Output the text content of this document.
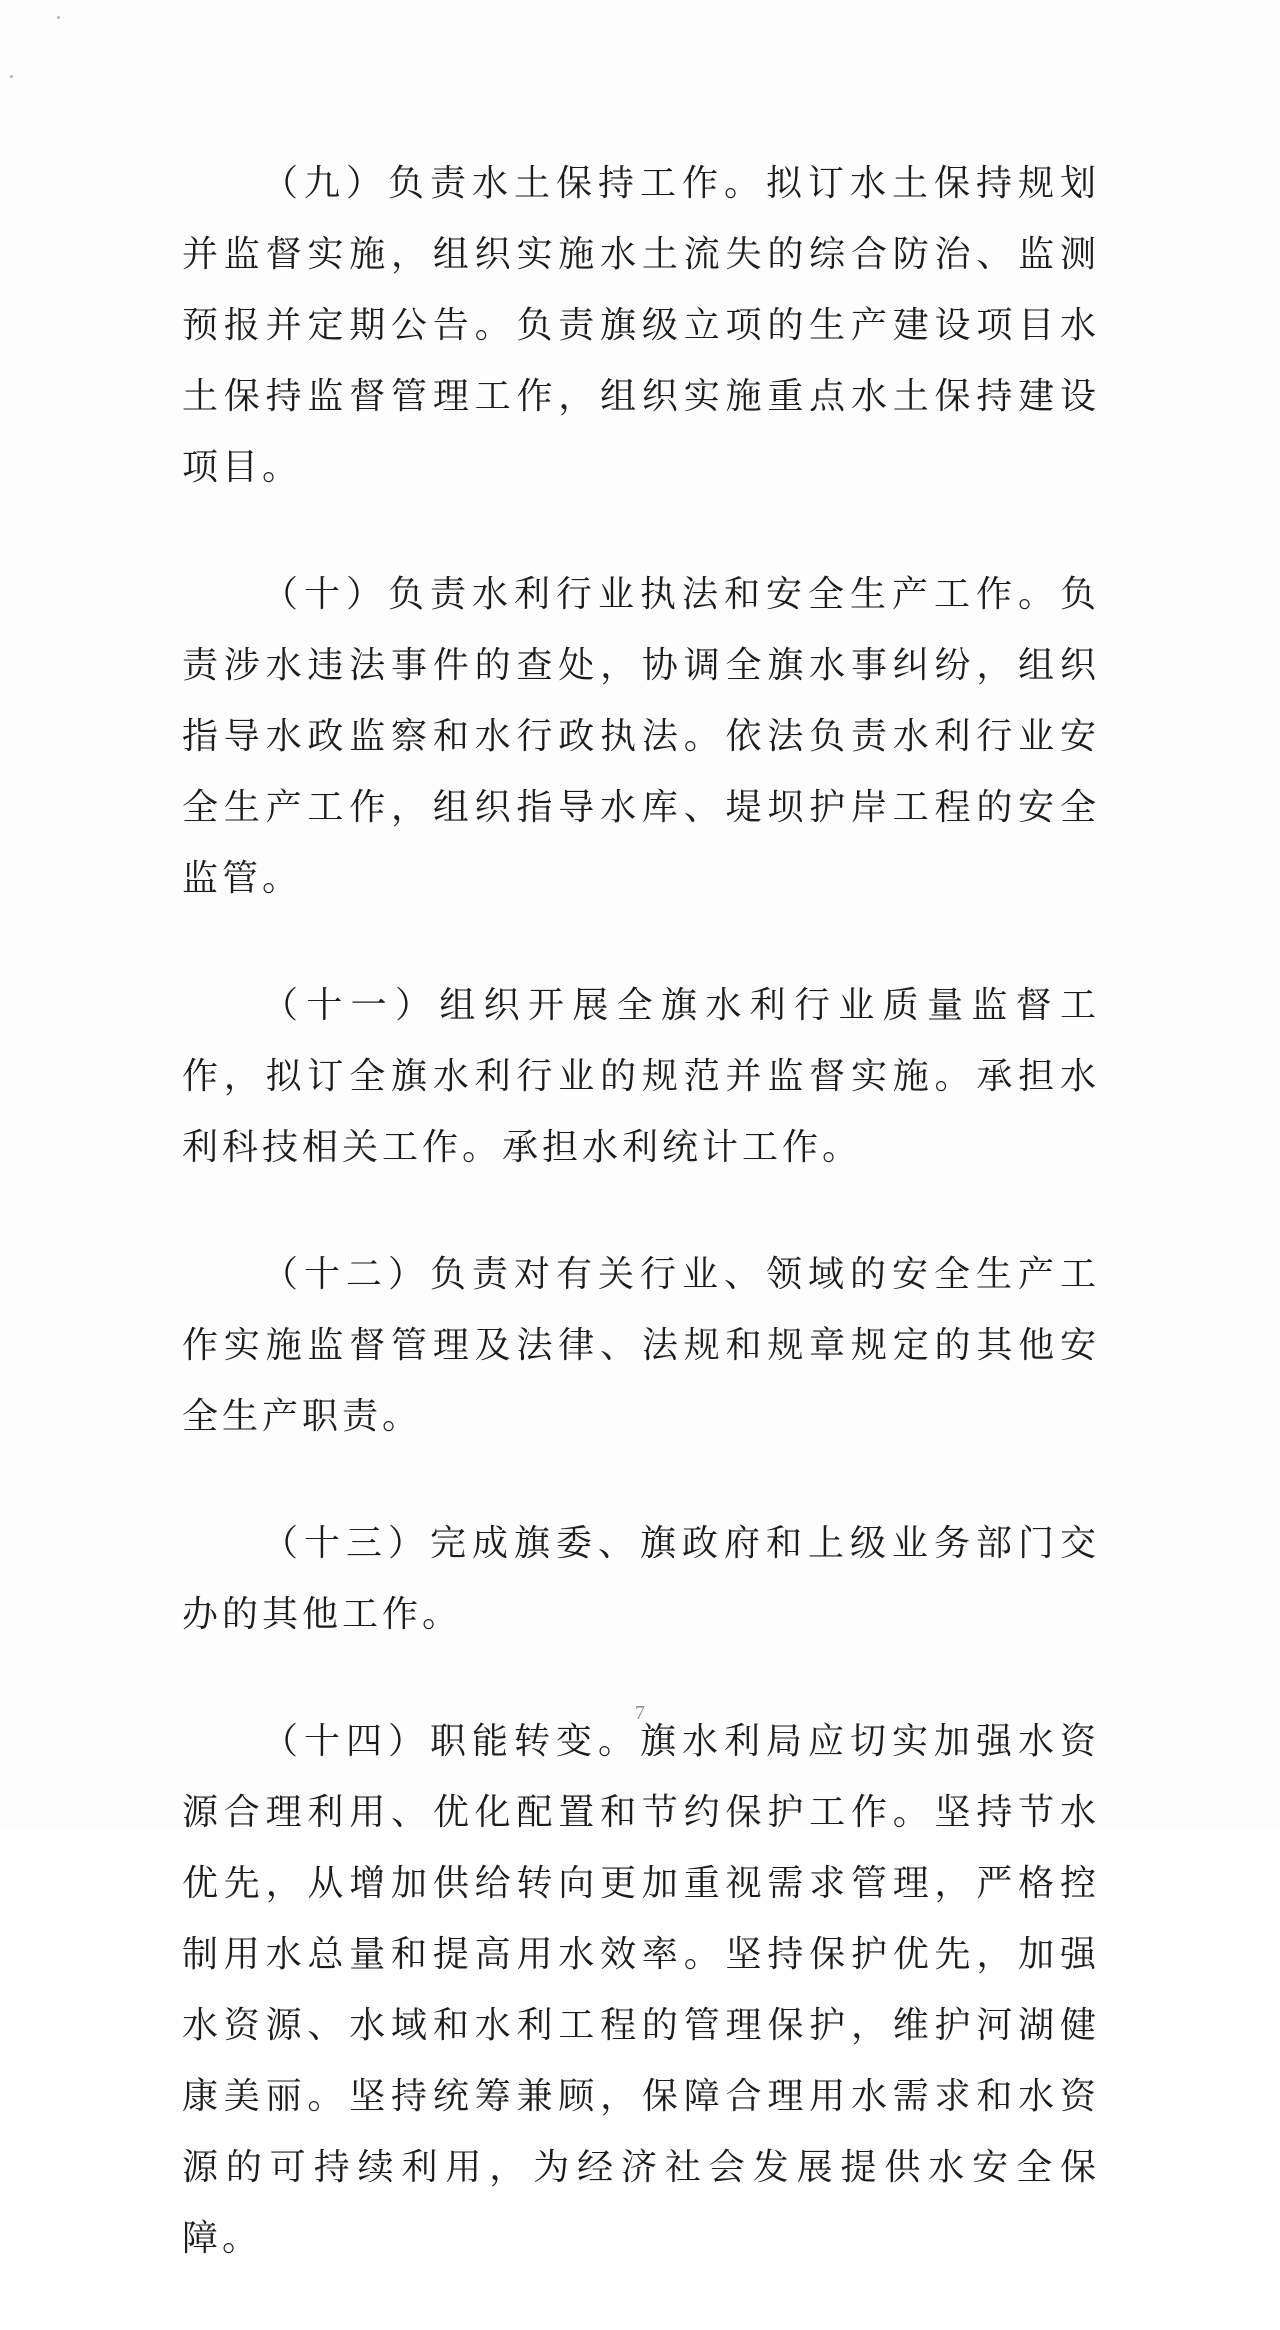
（九）负责水土保持工作。拟订水土保持规划并监督实施，组织实施水土流失的综合防治、监测预报并定期公告。负责旗级立项的生产建设项目水土保持监督管理工作，组织实施重点水土保持建设项目。

（十）负责水利行业执法和安全生产工作。负责涉水违法事件的查处，协调全旗水事纠纷，组织指导水政监察和水行政执法。依法负责水利行业安全生产工作，组织指导水库、堤坝护岸工程的安全监管。

（十一）组织开展全旗水利行业质量监督工作，拟订全旗水利行业的规范并监督实施。承担水利科技相关工作。承担水利统计工作。

（十二）负责对有关行业、领域的安全生产工作实施监督管理及法律、法规和规章规定的其他安全生产职责。

（十三）完成旗委、旗政府和上级业务部门交办的其他工作。

（十四）职能转变。旗水利局应切实加强水资源合理利用、优化配置和节约保护工作。坚持节水优先，从增加供给转向更加重视需求管理，严格控制用水总量和提高用水效率。坚持保护优先，加强水资源、水域和水利工程的管理保护，维护河湖健康美丽。坚持统筹兼顾，保障合理用水需求和水资源的可持续利用，为经济社会发展提供水安全保障。

7
